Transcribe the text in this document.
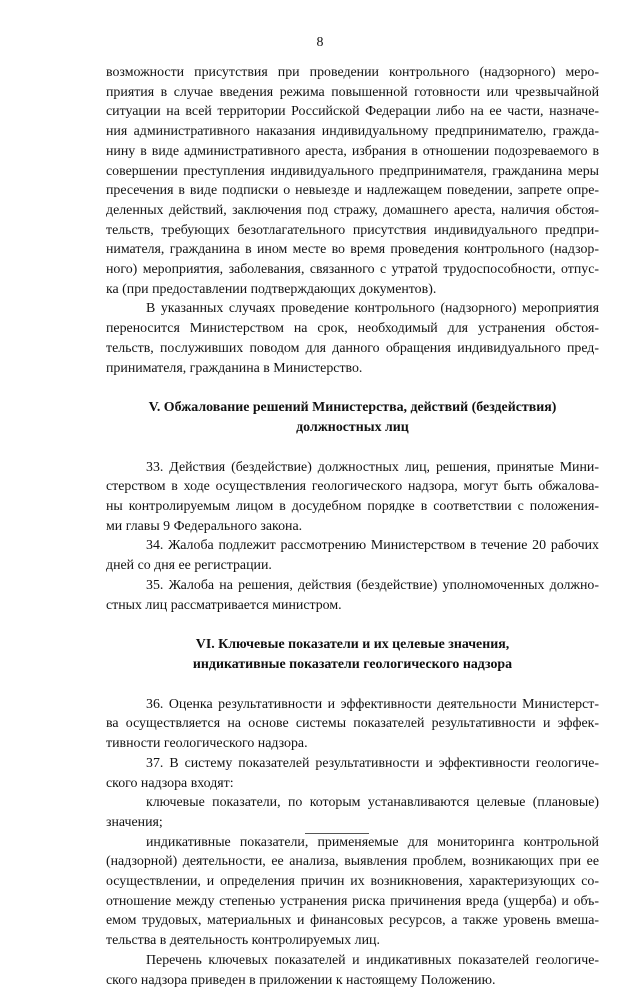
8
возможности присутствия при проведении контрольного (надзорного) меро-
приятия в случае введения режима повышенной готовности или чрезвычайной
ситуации на всей территории Российской Федерации либо на ее части, назначе-
ния административного наказания индивидуальному предпринимателю, гражда-
нину в виде административного ареста, избрания в отношении подозреваемого в
совершении преступления индивидуального предпринимателя, гражданина меры
пресечения в виде подписки о невыезде и надлежащем поведении, запрете опре-
деленных действий, заключения под стражу, домашнего ареста, наличия обстоя-
тельств, требующих безотлагательного присутствия индивидуального предпри-
нимателя, гражданина в ином месте во время проведения контрольного (надзор-
ного) мероприятия, заболевания, связанного с утратой трудоспособности, отпус-
ка (при предоставлении подтверждающих документов).
В указанных случаях проведение контрольного (надзорного) мероприятия
переносится Министерством на срок, необходимый для устранения обстоя-
тельств, послуживших поводом для данного обращения индивидуального пред-
принимателя, гражданина в Министерство.
V. Обжалование решений Министерства, действий (бездействия)
должностных лиц
33. Действия (бездействие) должностных лиц, решения, принятые Мини-
стерством в ходе осуществления геологического надзора, могут быть обжалова-
ны контролируемым лицом в досудебном порядке в соответствии с положения-
ми главы 9 Федерального закона.
34. Жалоба подлежит рассмотрению Министерством в течение 20 рабочих
дней со дня ее регистрации.
35. Жалоба на решения, действия (бездействие) уполномоченных должно-
стных лиц рассматривается министром.
VI. Ключевые показатели и их целевые значения,
индикативные показатели геологического надзора
36. Оценка результативности и эффективности деятельности Министерст-
ва осуществляется на основе системы показателей результативности и эффек-
тивности геологического надзора.
37. В систему показателей результативности и эффективности геологиче-
ского надзора входят:
ключевые показатели, по которым устанавливаются целевые (плановые)
значения;
индикативные показатели, применяемые для мониторинга контрольной
(надзорной) деятельности, ее анализа, выявления проблем, возникающих при ее
осуществлении, и определения причин их возникновения, характеризующих со-
отношение между степенью устранения риска причинения вреда (ущерба) и объ-
емом трудовых, материальных и финансовых ресурсов, а также уровень вмеша-
тельства в деятельность контролируемых лиц.
Перечень ключевых показателей и индикативных показателей геологиче-
ского надзора приведен в приложении к настоящему Положению.
